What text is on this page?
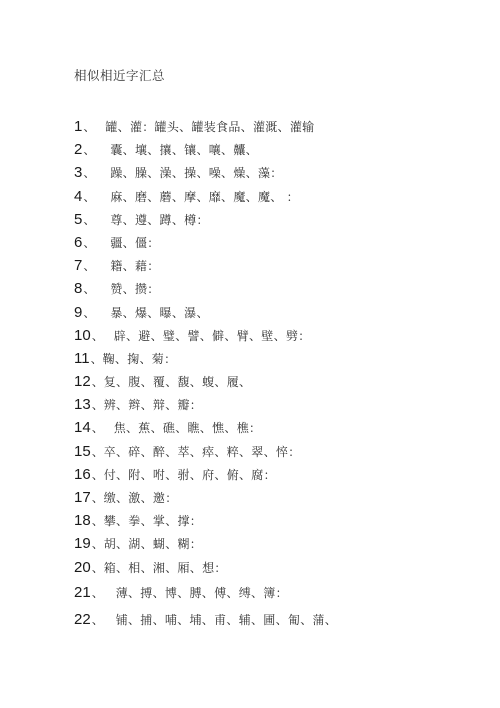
相似相近字汇总
1 、 罐、灌：罐头、罐装食品、灌溉、灌输
2 、 囊、壤、攘、镶、嚷、齉、
3 、 躁、臊、澡、操、噪、燥、藻：
4 、 麻、磨、蘑、摩、靡、魔、魔、 ：
5 、 尊、遵、蹲、樽：
6 、 疆、僵：
7 、 籍、藉：
8 、 赞、攒：
9 、 暴、爆、曝、瀑、
10 、 辟、避、璧、譬、僻、臂、壁、劈：
11 、 鞠、掬、菊：
12 、 复、腹、覆、馥、蝮、履、
13 、 辨、辫、辩、瓣：
14 、 焦、蕉、礁、瞧、憔、樵：
15 、 卒、碎、醉、萃、瘁、粹、翠、悴：
16 、 付、附、咐、驸、府、俯、腐：
17 、 缴、激、邀：
18 、 攀、拳、掌、撑：
19 、 胡、湖、蝴、糊：
20 、 箱、相、湘、厢、想：
21 、 薄、搏、博、膊、傅、缚、簿：
22 、 铺、捕、哺、埔、甫、辅、圃、匍、蒲、
